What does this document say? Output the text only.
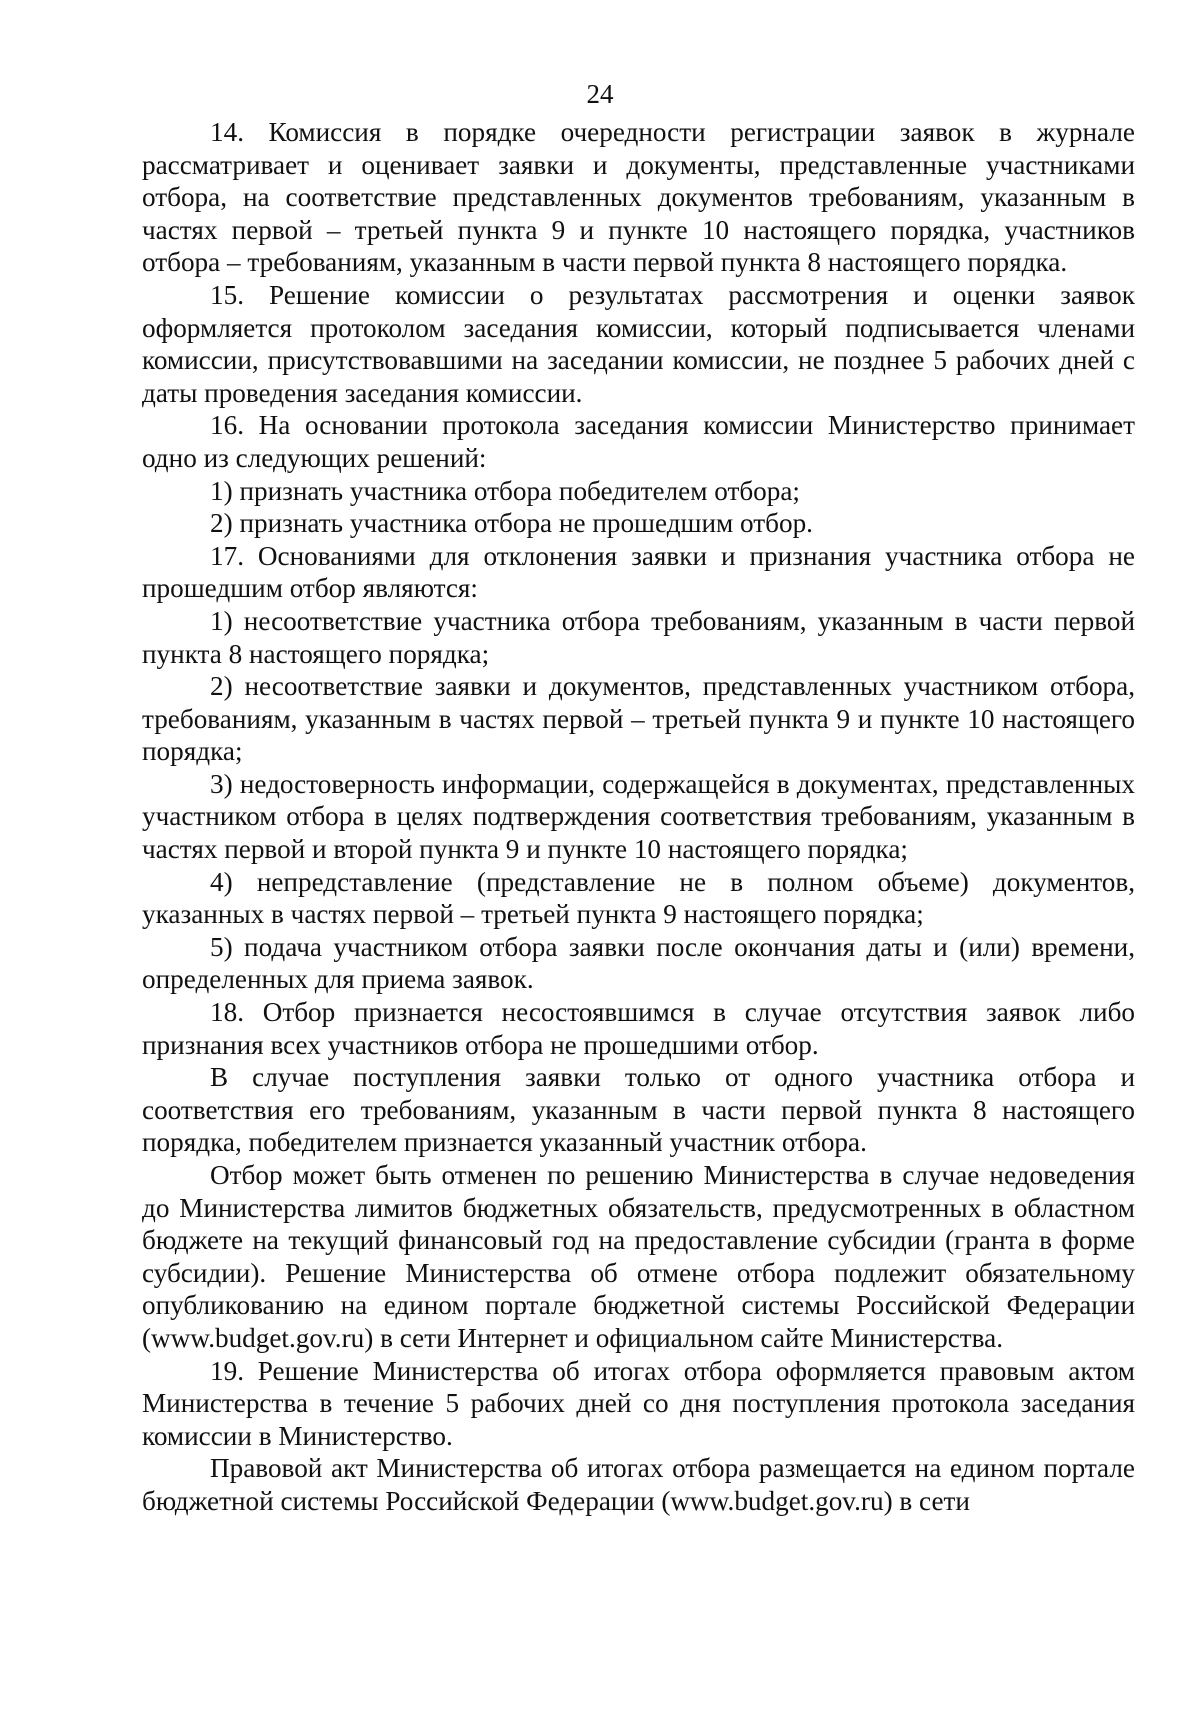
24

14. Комиссия в порядке очередности регистрации заявок в журнале рассматривает и оценивает заявки и документы, представленные участниками отбора, на соответствие представленных документов требованиям, указанным в частях первой – третьей пункта 9 и пункте 10 настоящего порядка, участников отбора – требованиям, указанным в части первой пункта 8 настоящего порядка.

15. Решение комиссии о результатах рассмотрения и оценки заявок оформляется протоколом заседания комиссии, который подписывается членами комиссии, присутствовавшими на заседании комиссии, не позднее 5 рабочих дней с даты проведения заседания комиссии.

16. На основании протокола заседания комиссии Министерство принимает одно из следующих решений:

1) признать участника отбора победителем отбора;

2) признать участника отбора не прошедшим отбор.

17. Основаниями для отклонения заявки и признания участника отбора не прошедшим отбор являются:

1) несоответствие участника отбора требованиям, указанным в части первой пункта 8 настоящего порядка;

2) несоответствие заявки и документов, представленных участником отбора, требованиям, указанным в частях первой – третьей пункта 9 и пункте 10 настоящего порядка;

3) недостоверность информации, содержащейся в документах, представленных участником отбора в целях подтверждения соответствия требованиям, указанным в частях первой и второй пункта 9 и пункте 10 настоящего порядка;

4) непредставление (представление не в полном объеме) документов, указанных в частях первой – третьей пункта 9 настоящего порядка;

5) подача участником отбора заявки после окончания даты и (или) времени, определенных для приема заявок.

18. Отбор признается несостоявшимся в случае отсутствия заявок либо признания всех участников отбора не прошедшими отбор.

В случае поступления заявки только от одного участника отбора и соответствия его требованиям, указанным в части первой пункта 8 настоящего порядка, победителем признается указанный участник отбора.

Отбор может быть отменен по решению Министерства в случае недоведения до Министерства лимитов бюджетных обязательств, предусмотренных в областном бюджете на текущий финансовый год на предоставление субсидии (гранта в форме субсидии). Решение Министерства об отмене отбора подлежит обязательному опубликованию на едином портале бюджетной системы Российской Федерации (www.budget.gov.ru) в сети Интернет и официальном сайте Министерства.

19. Решение Министерства об итогах отбора оформляется правовым актом Министерства в течение 5 рабочих дней со дня поступления протокола заседания комиссии в Министерство.

Правовой акт Министерства об итогах отбора размещается на едином портале бюджетной системы Российской Федерации (www.budget.gov.ru) в сети
